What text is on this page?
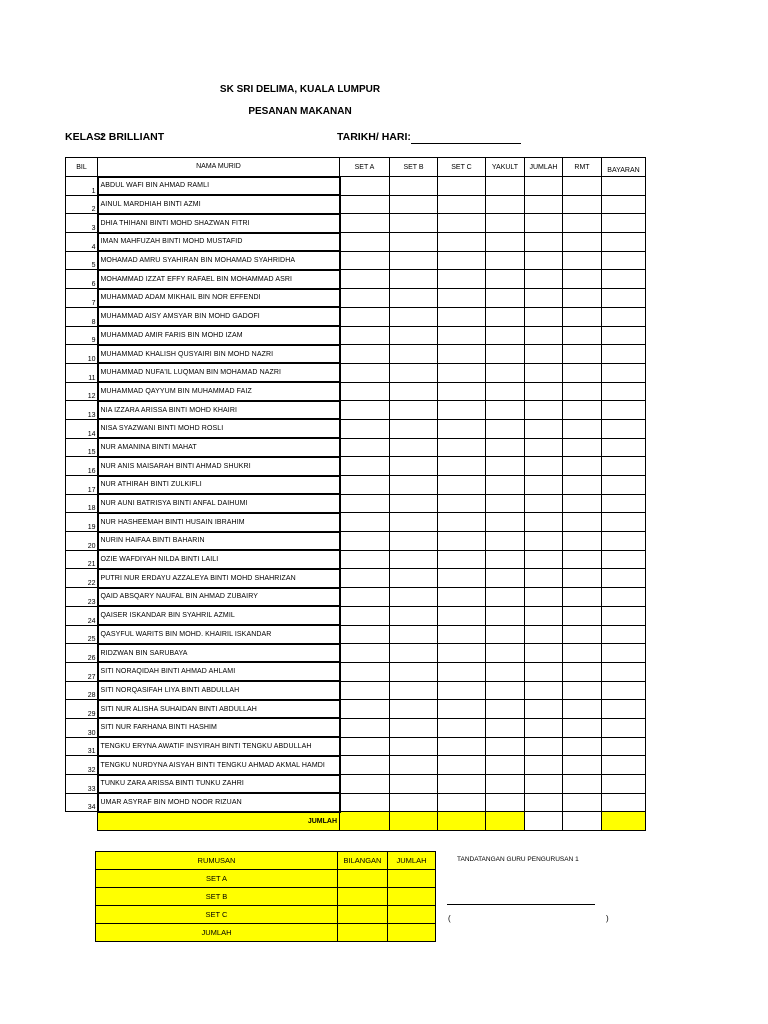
SK SRI DELIMA, KUALA LUMPUR
PESANAN MAKANAN
KELAS:
2 BRILLIANT	TARIKH/ HARI:
BIL	NAMA MURID	SET A	SET B	SET C	YAKULT	JUMLAH	RMT	BAYARAN
1	ABDUL WAFI BIN AHMAD RAMLI							
2	AINUL MARDHIAH BINTI AZMI							
3	DHIA THIHANI BINTI MOHD SHAZWAN FITRI							
4	IMAN MAHFUZAH BINTI MOHD MUSTAFID							
5	MOHAMAD AMRU SYAHIRAN BIN MOHAMAD SYAHRIDHA							
6	MOHAMMAD IZZAT EFFY RAFAEL BIN MOHAMMAD ASRI							
7	MUHAMMAD ADAM MIKHAIL BIN NOR EFFENDI							
8	MUHAMMAD AISY AMSYAR BIN MOHD GADOFI							
9	MUHAMMAD AMIR FARIS BIN MOHD IZAM							
10	MUHAMMAD KHALISH QUSYAIRI BIN MOHD NAZRI							
11	MUHAMMAD NUFA'IL LUQMAN BIN MOHAMAD NAZRI							
12	MUHAMMAD QAYYUM BIN MUHAMMAD FAIZ							
13	NIA IZZARA ARISSA BINTI MOHD KHAIRI							
14	NISA SYAZWANI BINTI MOHD ROSLI							
15	NUR AMANINA BINTI MAHAT							
16	NUR ANIS MAISARAH BINTI AHMAD SHUKRI							
17	NUR ATHIRAH BINTI ZULKIFLI							
18	NUR AUNI BATRISYA BINTI ANFAL DAIHUMI							
19	NUR HASHEEMAH BINTI HUSAIN IBRAHIM							
20	NURIN HAIFAA BINTI BAHARIN							
21	OZIE WAFDIYAH NILDA BINTI LAILI							
22	PUTRI NUR ERDAYU AZZALEYA BINTI MOHD SHAHRIZAN							
23	QAID ABSQARY NAUFAL BIN AHMAD ZUBAIRY							
24	QAISER ISKANDAR BIN SYAHRIL AZMIL							
25	QASYFUL WARITS BIN MOHD. KHAIRIL ISKANDAR							
26	RIDZWAN BIN SARUBAYA							
27	SITI NORAQIDAH BINTI AHMAD AHLAMI							
28	SITI NORQASIFAH LIYA BINTI ABDULLAH							
29	SITI NUR ALISHA SUHAIDAN BINTI ABDULLAH							
30	SITI NUR FARHANA BINTI HASHIM							
31	TENGKU ERYNA AWATIF INSYIRAH BINTI TENGKU ABDULLAH							
32	TENGKU NURDYNA AISYAH BINTI TENGKU AHMAD AKMAL HAMDI							
33	TUNKU ZARA ARISSA BINTI TUNKU ZAHRI							
34	UMAR ASYRAF BIN MOHD NOOR RIZUAN							
	JUMLAH							
RUMUSAN	BILANGAN	JUMLAH
SET A		
SET B		
SET C		
JUMLAH		
TANDATANGAN GURU PENGURUSAN 1
(	)
